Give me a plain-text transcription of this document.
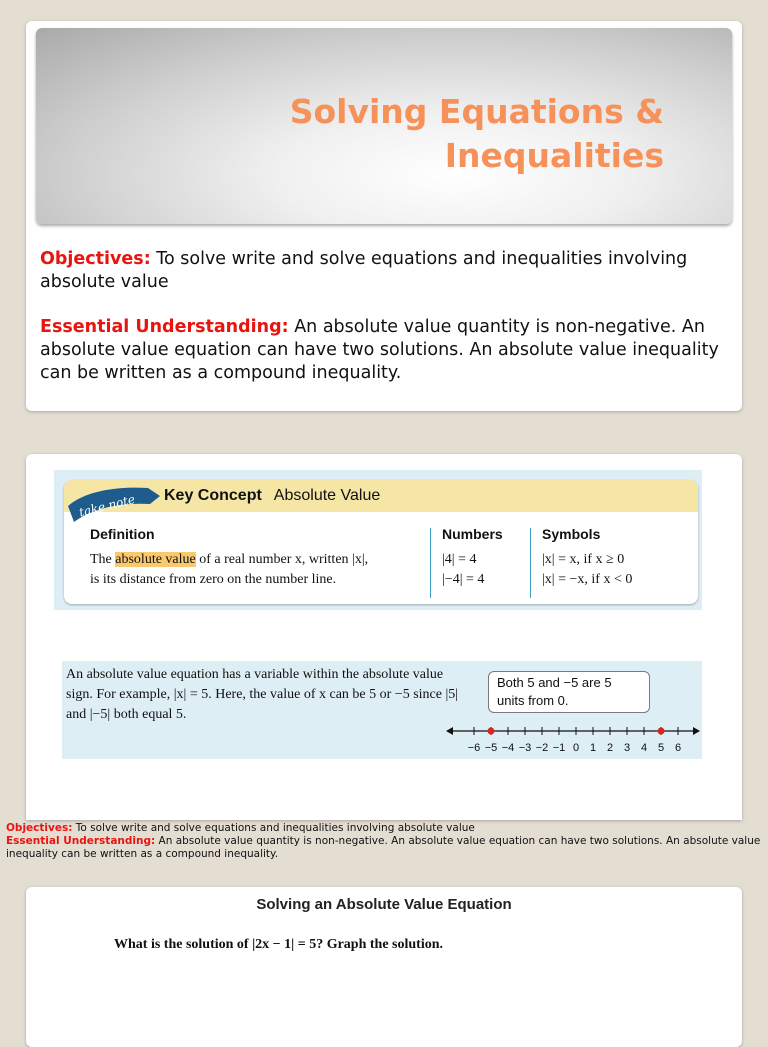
Solving Equations &
Inequalities

Objectives: To solve write and solve equations and inequalities involving absolute value

Essential Understanding: An absolute value quantity is non-negative. An absolute value equation can have two solutions. An absolute value inequality can be written as a compound inequality.

take note Key Concept Absolute Value
Definition
The absolute value of a real number x, written |x|,
is its distance from zero on the number line.
Numbers
|4| = 4
|−4| = 4
Symbols
|x| = x, if x ≥ 0
|x| = −x, if x < 0
An absolute value equation has a variable within the absolute value sign. For example, |x| = 5. Here, the value of x can be 5 or −5 since |5| and |−5| both equal 5.
Both 5 and −5 are 5 units from 0.
−6 −5 −4 −3 −2 −1 0 1 2 3 4 5 6

Objectives: To solve write and solve equations and inequalities involving absolute value

Essential Understanding: An absolute value quantity is non-negative. An absolute value equation can have two solutions. An absolute value inequality can be written as a compound inequality.

Solving an Absolute Value Equation
What is the solution of |2x − 1| = 5? Graph the solution.
